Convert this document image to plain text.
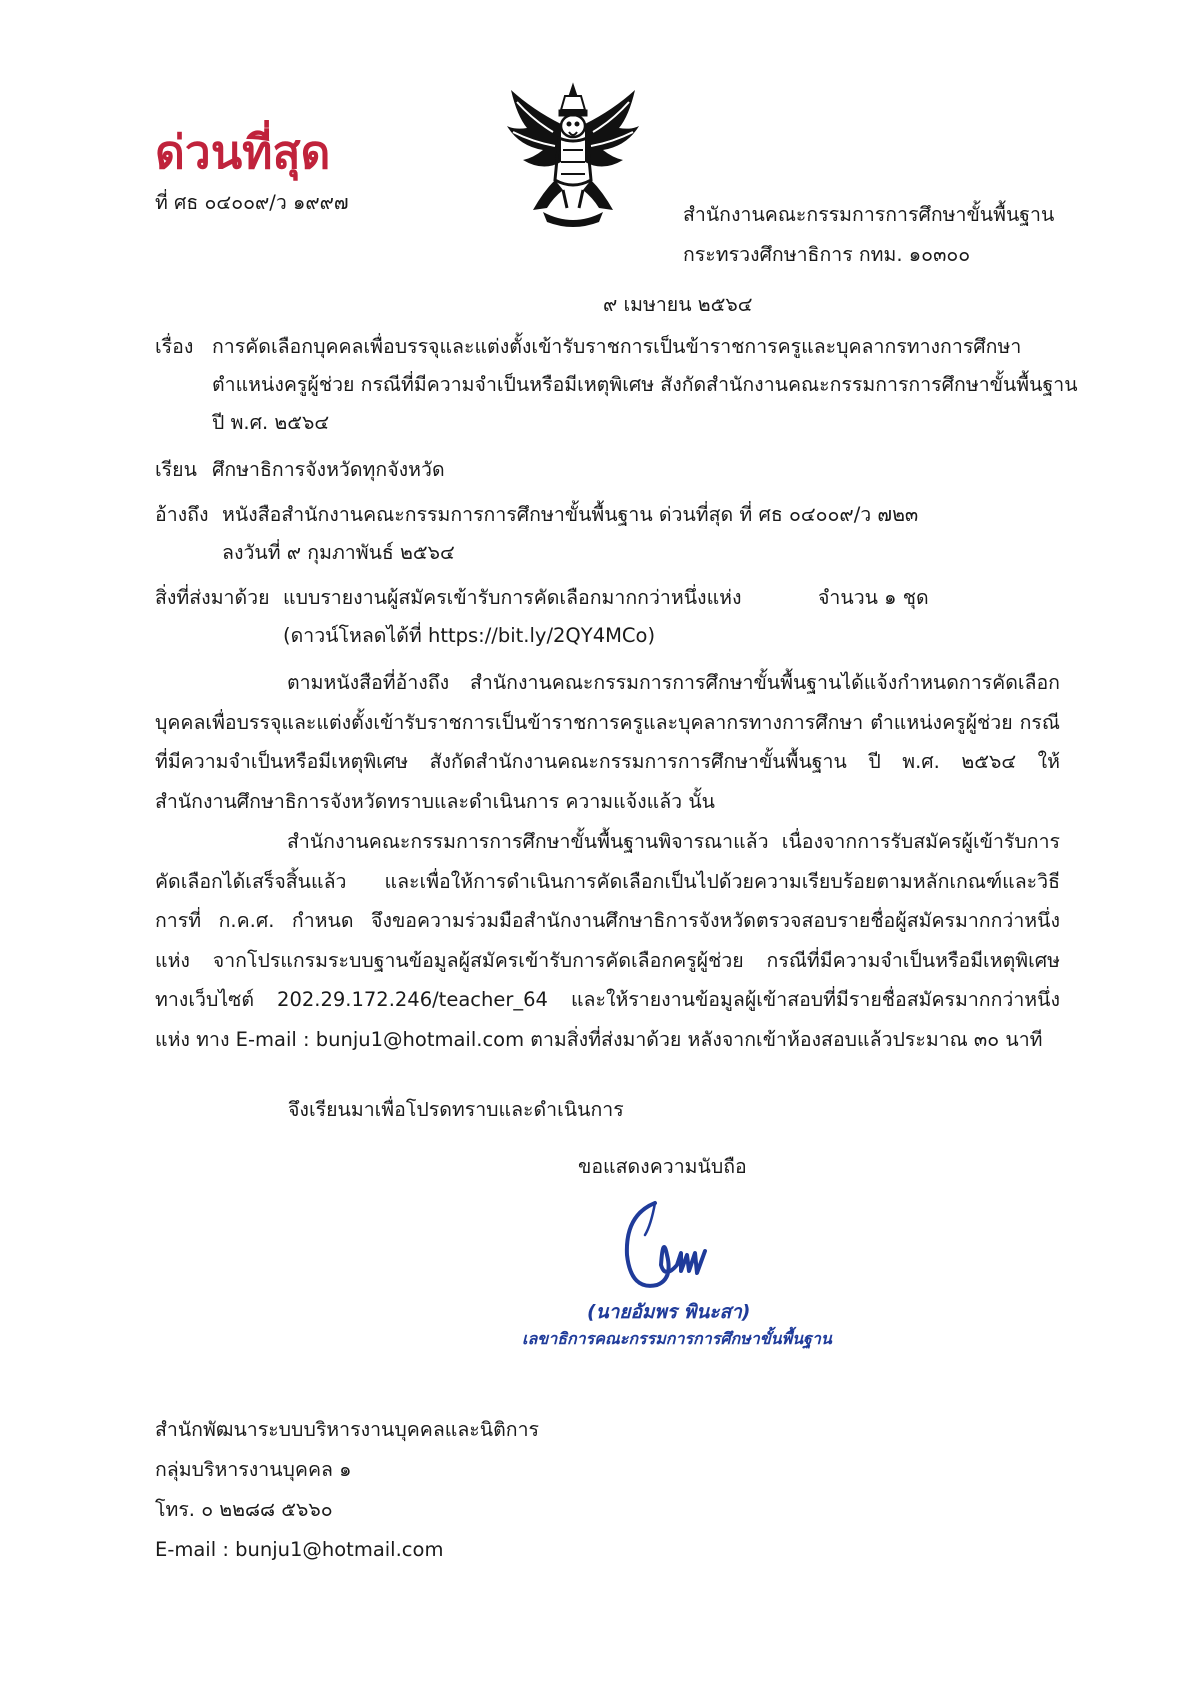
ด่วนที่สุด
ที่ ศธ ๐๔๐๐๙/ว ๑๙๙๗
สำนักงานคณะกรรมการการศึกษาขั้นพื้นฐาน
กระทรวงศึกษาธิการ กทม. ๑๐๓๐๐
๙ เมษายน ๒๕๖๔
เรื่อง การคัดเลือกบุคคลเพื่อบรรจุและแต่งตั้งเข้ารับราชการเป็นข้าราชการครูและบุคลากรทางการศึกษา
ตำแหน่งครูผู้ช่วย กรณีที่มีความจำเป็นหรือมีเหตุพิเศษ สังกัดสำนักงานคณะกรรมการการศึกษาขั้นพื้นฐาน
ปี พ.ศ. ๒๕๖๔
เรียน ศึกษาธิการจังหวัดทุกจังหวัด
อ้างถึง หนังสือสำนักงานคณะกรรมการการศึกษาขั้นพื้นฐาน ด่วนที่สุด ที่ ศธ ๐๔๐๐๙/ว ๗๒๓
ลงวันที่ ๙ กุมภาพันธ์ ๒๕๖๔
สิ่งที่ส่งมาด้วย แบบรายงานผู้สมัครเข้ารับการคัดเลือกมากกว่าหนึ่งแห่ง	จำนวน ๑ ชุด
(ดาวน์โหลดได้ที่ https://bit.ly/2QY4MCo)
ตามหนังสือที่อ้างถึง สำนักงานคณะกรรมการการศึกษาขั้นพื้นฐานได้แจ้งกำหนดการคัดเลือกบุคคลเพื่อบรรจุและแต่งตั้งเข้ารับราชการเป็นข้าราชการครูและบุคลากรทางการศึกษา ตำแหน่งครูผู้ช่วย กรณีที่มีความจำเป็นหรือมีเหตุพิเศษ สังกัดสำนักงานคณะกรรมการการศึกษาขั้นพื้นฐาน ปี พ.ศ. ๒๕๖๔ ให้สำนักงานศึกษาธิการจังหวัดทราบและดำเนินการ ความแจ้งแล้ว นั้น
สำนักงานคณะกรรมการการศึกษาขั้นพื้นฐานพิจารณาแล้ว เนื่องจากการรับสมัครผู้เข้ารับการคัดเลือกได้เสร็จสิ้นแล้ว และเพื่อให้การดำเนินการคัดเลือกเป็นไปด้วยความเรียบร้อยตามหลักเกณฑ์และวิธีการที่ ก.ค.ศ. กำหนด จึงขอความร่วมมือสำนักงานศึกษาธิการจังหวัดตรวจสอบรายชื่อผู้สมัครมากกว่าหนึ่งแห่ง จากโปรแกรมระบบฐานข้อมูลผู้สมัครเข้ารับการคัดเลือกครูผู้ช่วย กรณีที่มีความจำเป็นหรือมีเหตุพิเศษ ทางเว็บไซต์ 202.29.172.246/teacher_64 และให้รายงานข้อมูลผู้เข้าสอบที่มีรายชื่อสมัครมากกว่าหนึ่งแห่ง ทาง E-mail : bunju1@hotmail.com ตามสิ่งที่ส่งมาด้วย หลังจากเข้าห้องสอบแล้วประมาณ ๓๐ นาที
จึงเรียนมาเพื่อโปรดทราบและดำเนินการ
ขอแสดงความนับถือ
(นายอัมพร พินะสา)
เลขาธิการคณะกรรมการการศึกษาขั้นพื้นฐาน
สำนักพัฒนาระบบบริหารงานบุคคลและนิติการ
กลุ่มบริหารงานบุคคล ๑
โทร. ๐ ๒๒๘๘ ๕๖๖๐
E-mail : bunju1@hotmail.com
